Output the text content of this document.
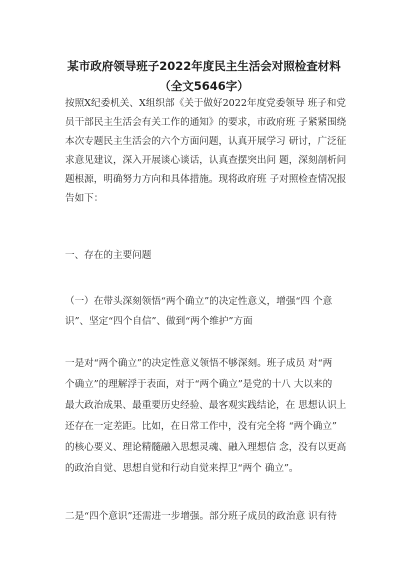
某市政府领导班子2022年度民主生活会对照检查材料
（全文5646字）
按照X纪委机关、X组织部《关于做好2022年度党委领导 班子和党
员干部民主生活会有关工作的通知》的要求，市政府班 子紧紧围绕
本次专题民主生活会的六个方面问题，认真开展学习 研讨，广泛征
求意见建议，深入开展谈心谈话，认真查摆突出问 题，深刻剖析问
题根源，明确努力方向和具体措施。现将政府班 子对照检查情况报
告如下：
一、存在的主要问题
（一）在带头深刻领悟“两个确立”的决定性意义，增强“四 个意
识”、坚定“四个自信”、做到“两个维护”方面
一是对“两个确立”的决定性意义领悟不够深刻。班子成员 对“两
个确立”的理解浮于表面，对于“两个确立”是党的十八 大以来的
最大政治成果、最重要历史经验、最客观实践结论，在 思想认识上
还存在一定差距。比如，在日常工作中，没有完全将 “两个确立”
的核心要义、理论精髓融入思想灵魂、融入理想信 念，没有以更高
的政治自觉、思想自觉和行动自觉来捍卫“两个 确立”。
二是“四个意识”还需进一步增强。部分班子成员的政治意 识有待
